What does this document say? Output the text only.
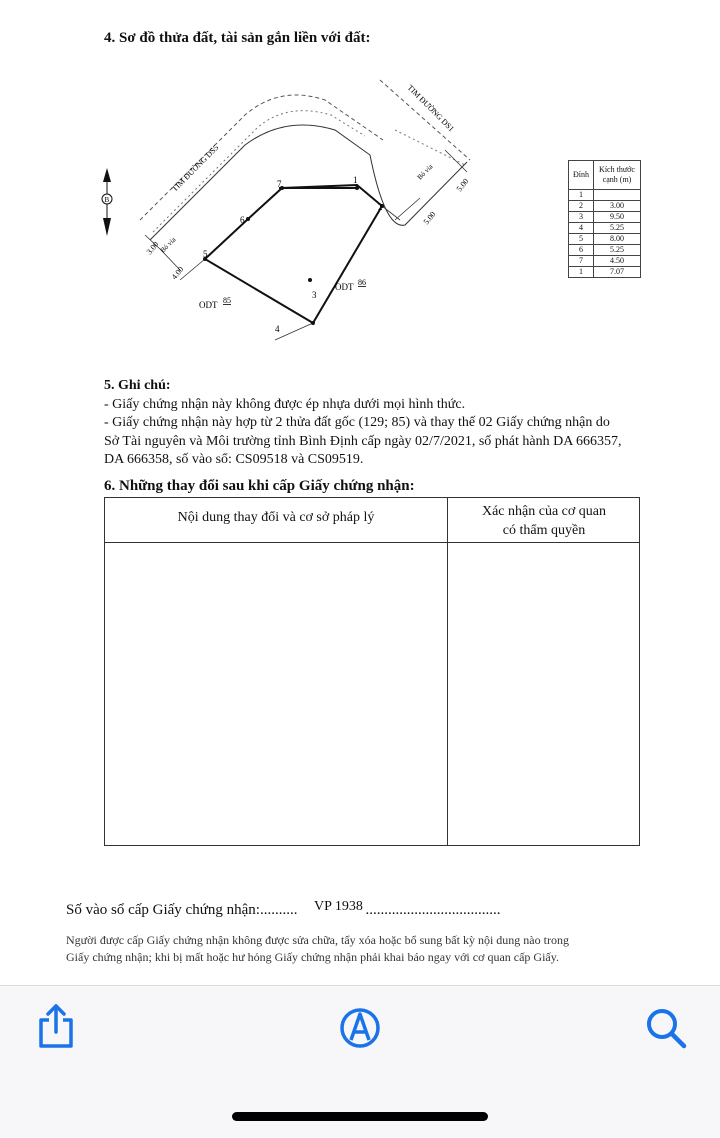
4. Sơ đồ thửa đất, tài sản gắn liền với đất:
1
2
3
4
5
6
7
TIM ĐƯỜNG DS5
TIM ĐƯỜNG DS1
Bó vỉa
Bó vỉa
3.00
4.00
5.00
5.00
ODT 85
ODT 86
B
Đỉnh	Kích thước cạnh (m)
1	
2	3.00
3	9.50
4	5.25
5	8.00
6	5.25
7	4.50
1	7.07
5. Ghi chú:
- Giấy chứng nhận này không được ép nhựa dưới mọi hình thức.
- Giấy chứng nhận này hợp từ 2 thửa đất gốc (129; 85) và thay thế 02 Giấy chứng nhận do
Sở Tài nguyên và Môi trường tỉnh Bình Định cấp ngày 02/7/2021, số phát hành DA 666357,
DA 666358, số vào sổ: CS09518 và CS09519.
6. Những thay đổi sau khi cấp Giấy chứng nhận:
Nội dung thay đổi và cơ sở pháp lý	Xác nhận của cơ quan
có thẩm quyền
Số vào sổ cấp Giấy chứng nhận:..........	....................................
VP 1938
Người được cấp Giấy chứng nhận không được sửa chữa, tẩy xóa hoặc bổ sung bất kỳ nội dung nào trong
Giấy chứng nhận; khi bị mất hoặc hư hỏng Giấy chứng nhận phải khai báo ngay với cơ quan cấp Giấy.
